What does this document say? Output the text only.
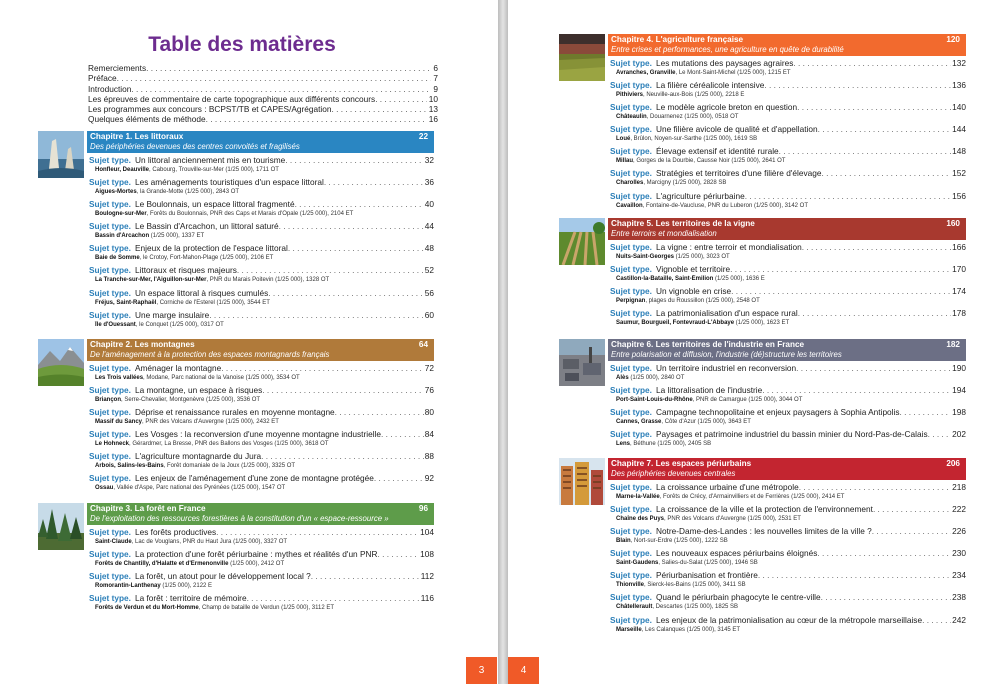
Table des matières
Remerciements . . .	6
Préface . . .	7
Introduction . . .	9
Les épreuves de commentaire de carte topographique aux différents concours . . .	10
Les programmes aux concours : BCPST/TB et CAPES/Agrégation . . .	13
Quelques éléments de méthode . . .	16
3
Chapitre 1. Les littoraux	22
Des périphéries devenues des centres convoités et fragilisés
Sujet type. Un littoral anciennement mis en tourisme . . .	32
Honfleur, Deauville, Cabourg, Trouville-sur-Mer (1/25 000), 1711 OT
Sujet type. Les aménagements touristiques d'un espace littoral . . .	36
Aigues-Mortes, la Grande-Motte (1/25 000), 2843 OT
Sujet type. Le Boulonnais, un espace littoral fragmenté . . .	40
Boulogne-sur-Mer, Forêts du Boulonnais, PNR des Caps et Marais d'Opale (1/25 000), 2104 ET
Sujet type. Le Bassin d'Arcachon, un littoral saturé . . .	44
Bassin d'Arcachon (1/25 000), 1337 ET
Sujet type. Enjeux de la protection de l'espace littoral . . .	48
Baie de Somme, le Crotoy, Fort-Mahon-Plage (1/25 000), 2106 ET
Sujet type. Littoraux et risques majeurs . . .	52
La Tranche-sur-Mer, l'Aiguillon-sur-Mer, PNR du Marais Poitevin (1/25 000), 1328 OT
Sujet type. Un espace littoral à risques cumulés . . .	56
Fréjus, Saint-Raphaël, Corniche de l'Esterel (1/25 000), 3544 ET
Sujet type. Une marge insulaire . . .	60
Île d'Ouessant, le Conquet (1/25 000), 0317 OT
Chapitre 2. Les montagnes	64
De l'aménagement à la protection des espaces montagnards français
Sujet type. Aménager la montagne . . .	72
Les Trois vallées, Modane, Parc national de la Vanoise (1/25 000), 3534 OT
Sujet type. La montagne, un espace à risques . . .	76
Briançon, Serre-Chevalier, Montgenèvre (1/25 000), 3536 OT
Sujet type. Déprise et renaissance rurales en moyenne montagne . . .	80
Massif du Sancy, PNR des Volcans d'Auvergne (1/25 000), 2432 ET
Sujet type. Les Vosges : la reconversion d'une moyenne montagne industrielle . . .	84
Le Hohneck, Gérardmer, La Bresse, PNR des Ballons des Vosges (1/25 000), 3618 OT
Sujet type. L'agriculture montagnarde du Jura . . .	88
Arbois, Salins-les-Bains, Forêt domaniale de la Joux (1/25 000), 3325 OT
Sujet type. Les enjeux de l'aménagement d'une zone de montagne protégée . . .	92
Ossau, Vallée d'Aspe, Parc national des Pyrénées (1/25 000), 1547 OT
Chapitre 3. La forêt en France	96
De l'exploitation des ressources forestières à la constitution d'un « espace-ressource »
Sujet type. Les forêts productives . . .	104
Saint-Claude, Lac de Vouglans, PNR du Haut Jura (1/25 000), 3327 OT
Sujet type. La protection d'une forêt périurbaine : mythes et réalités d'un PNR . . .	108
Forêts de Chantilly, d'Halatte et d'Ermenonville (1/25 000), 2412 OT
Sujet type. La forêt, un atout pour le développement local ? . . .	112
Romorantin-Lanthenay (1/25 000), 2122 E
Sujet type. La forêt : territoire de mémoire . . .	116
Forêts de Verdun et du Mort-Homme, Champ de bataille de Verdun (1/25 000), 3112 ET
4
Chapitre 4. L'agriculture française	120
Entre crises et performances, une agriculture en quête de durabilité
Sujet type. Les mutations des paysages agraires . . .	132
Avranches, Granville, Le Mont-Saint-Michel (1/25 000), 1215 ET
Sujet type. La filière céréalicole intensive . . .	136
Pithiviers, Neuville-aux-Bois (1/25 000), 2218 E
Sujet type. Le modèle agricole breton en question . . .	140
Châteaulin, Douarnenez (1/25 000), 0518 OT
Sujet type. Une filière avicole de qualité et d'appellation . . .	144
Loué, Brûlon, Noyen-sur-Sarthe (1/25 000), 1619 SB
Sujet type. Élevage extensif et identité rurale . . .	148
Millau, Gorges de la Dourbie, Causse Noir (1/25 000), 2641 OT
Sujet type. Stratégies et territoires d'une filière d'élevage . . .	152
Charolles, Marcigny (1/25 000), 2828 SB
Sujet type. L'agriculture périurbaine . . .	156
Cavaillon, Fontaine-de-Vaucluse, PNR du Luberon (1/25 000), 3142 OT
Chapitre 5. Les territoires de la vigne	160
Entre terroirs et mondialisation
Sujet type. La vigne : entre terroir et mondialisation . . .	166
Nuits-Saint-Georges (1/25 000), 3023 OT
Sujet type. Vignoble et territoire . . .	170
Castillon-la-Bataille, Saint-Émilion (1/25 000), 1636 E
Sujet type. Un vignoble en crise . . .	174
Perpignan, plages du Roussillon (1/25 000), 2548 OT
Sujet type. La patrimonialisation d'un espace rural . . .	178
Saumur, Bourgueil, Fontevraud-L'Abbaye (1/25 000), 1623 ET
Chapitre 6. Les territoires de l'industrie en France	182
Entre polarisation et diffusion, l'industrie (dé)structure les territoires
Sujet type. Un territoire industriel en reconversion . . .	190
Alès (1/25 000), 2840 OT
Sujet type. La littoralisation de l'industrie . . .	194
Port-Saint-Louis-du-Rhône, PNR de Camargue (1/25 000), 3044 OT
Sujet type. Campagne technopolitaine et enjeux paysagers à Sophia Antipolis . . .	198
Cannes, Grasse, Côte d'Azur (1/25 000), 3643 ET
Sujet type. Paysages et patrimoine industriel du bassin minier du Nord-Pas-de-Calais . . .	202
Lens, Béthune (1/25 000), 2405 SB
Chapitre 7. Les espaces périurbains	206
Des périphéries devenues centrales
Sujet type. La croissance urbaine d'une métropole . . .	218
Marne-la-Vallée, Forêts de Crécy, d'Armainvilliers et de Ferrières (1/25 000), 2414 ET
Sujet type. La croissance de la ville et la protection de l'environnement . . .	222
Chaîne des Puys, PNR des Volcans d'Auvergne (1/25 000), 2531 ET
Sujet type. Notre-Dame-des-Landes : les nouvelles limites de la ville ? . . .	226
Blain, Nort-sur-Erdre (1/25 000), 1222 SB
Sujet type. Les nouveaux espaces périurbains éloignés . . .	230
Saint-Gaudens, Salies-du-Salat (1/25 000), 1946 SB
Sujet type. Périurbanisation et frontière . . .	234
Thionville, Sierck-les-Bains (1/25 000), 3411 SB
Sujet type. Quand le périurbain phagocyte le centre-ville . . .	238
Châtellerault, Descartes (1/25 000), 1825 SB
Sujet type. Les enjeux de la patrimonialisation au cœur de la métropole marseillaise . . .	242
Marseille, Les Calanques (1/25 000), 3145 ET
